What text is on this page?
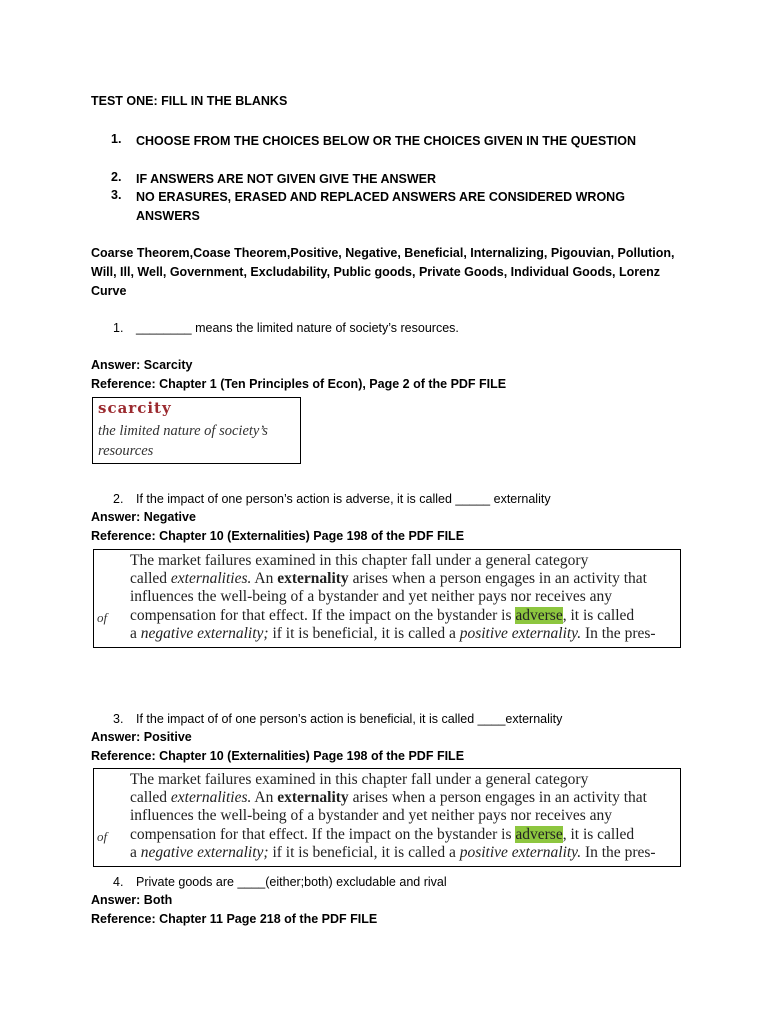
TEST ONE: FILL IN THE BLANKS
1. CHOOSE FROM THE CHOICES BELOW OR THE CHOICES GIVEN IN THE QUESTION
2. IF ANSWERS ARE NOT GIVEN GIVE THE ANSWER
3. NO ERASURES, ERASED AND REPLACED ANSWERS ARE CONSIDERED WRONG ANSWERS
Coarse Theorem,Coase Theorem,Positive, Negative, Beneficial, Internalizing, Pigouvian, Pollution, Will, Ill, Well, Government, Excludability, Public goods, Private Goods, Individual Goods, Lorenz Curve
1. ________ means the limited nature of society’s resources.
Answer: Scarcity
Reference: Chapter 1 (Ten Principles of Econ), Page 2 of the PDF FILE
scarcity
the limited nature of society’s resources
2. If the impact of one person’s action is adverse, it is called _____ externality
Answer: Negative
Reference: Chapter 10 (Externalities) Page 198 of the PDF FILE
of
The market failures examined in this chapter fall under a general category
called externalities. An externality arises when a person engages in an activity that
influences the well-being of a bystander and yet neither pays nor receives any
compensation for that effect. If the impact on the bystander is adverse, it is called
a negative externality; if it is beneficial, it is called a positive externality. In the pres-
3. If the impact of of one person’s action is beneficial, it is called ____externality
Answer: Positive
Reference: Chapter 10 (Externalities) Page 198 of the PDF FILE
of
The market failures examined in this chapter fall under a general category
called externalities. An externality arises when a person engages in an activity that
influences the well-being of a bystander and yet neither pays nor receives any
compensation for that effect. If the impact on the bystander is adverse, it is called
a negative externality; if it is beneficial, it is called a positive externality. In the pres-
4. Private goods are ____(either;both) excludable and rival
Answer: Both
Reference: Chapter 11 Page 218 of the PDF FILE
